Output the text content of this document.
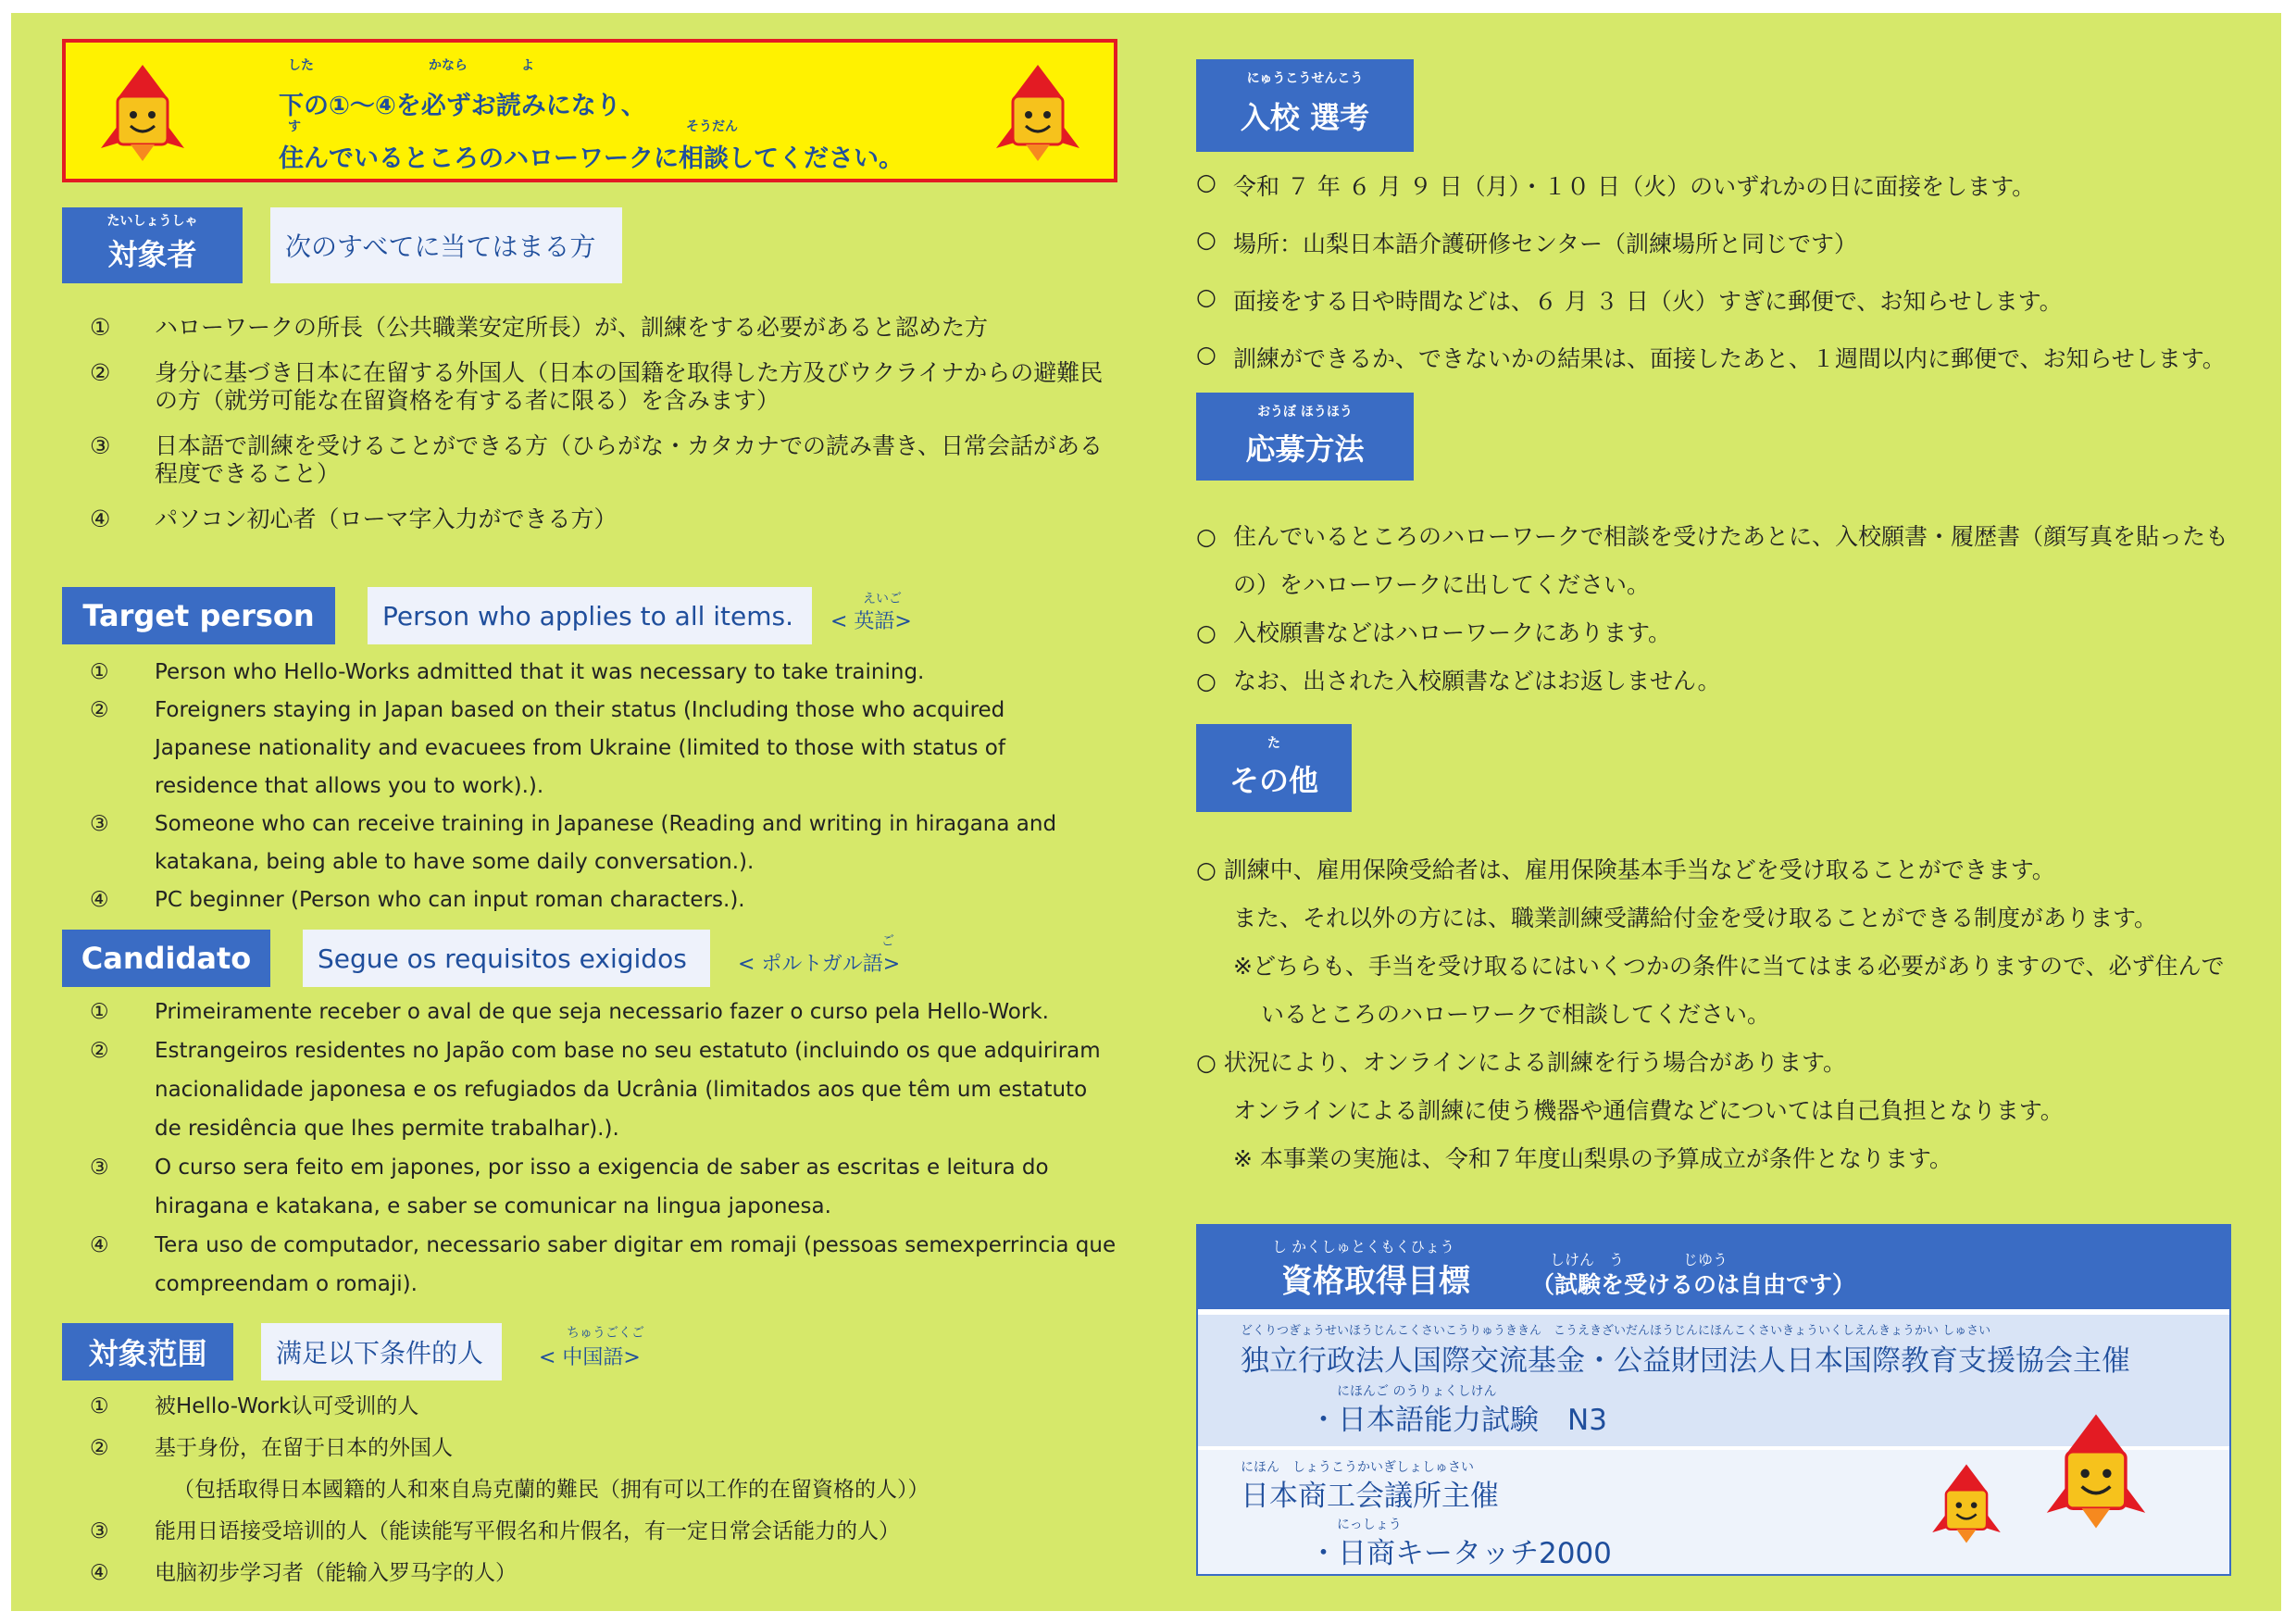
した	かなら	よ
下の①～④を必ずお読みになり、
す	そうだん
住んでいるところのハローワークに相談してください。
たいしょうしゃ
対象者	次のすべてに当てはまる方
① ハローワークの所長（公共職業安定所長）が、訓練をする必要があると認めた方
② 身分に基づき日本に在留する外国人（日本の国籍を取得した方及びウクライナからの避難民の方（就労可能な在留資格を有する者に限る）を含みます）
③ 日本語で訓練を受けることができる方（ひらがな・カタカナでの読み書き、日常会話がある程度できること）
④ パソコン初心者（ローマ字入力ができる方）
Target person	Person who applies to all items.
えいご
< 英語>
① Person who Hello-Works admitted that it was necessary to take training.
② Foreigners staying in Japan based on their status (Including those who acquired Japanese nationality and evacuees from Ukraine (limited to those with status of residence that allows you to work).).
③ Someone who can receive training in Japanese (Reading and writing in hiragana and katakana, being able to have some daily conversation.).
④ PC beginner (Person who can input roman characters.).
Candidato	Segue os requisitos exigidos
ご
< ポルトガル語>
① Primeiramente receber o aval de que seja necessario fazer o curso pela Hello-Work.
② Estrangeiros residentes no Japão com base no seu estatuto (incluindo os que adquiriram nacionalidade japonesa e os refugiados da Ucrânia (limitados aos que têm um estatuto de residência que lhes permite trabalhar).).
③ O curso sera feito em japones, por isso a exigencia de saber as escritas e leitura do hiragana e katakana, e saber se comunicar na lingua japonesa.
④ Tera uso de computador, necessario saber digitar em romaji (pessoas semexperrincia que compreendam o romaji).
対象范围	满足以下条件的人
ちゅうごくご
< 中国語>
① 被Hello-Work认可受训的人
② 基于身份，在留于日本的外国人
（包括取得日本國籍的人和來自烏克蘭的難民（拥有可以工作的在留資格的人））
③ 能用日语接受培训的人（能读能写平假名和片假名，有一定日常会话能力的人）
④ 电脑初步学习者（能输入罗马字的人）
にゅうこうせんこう
入校 選考
○ 令和 ７ 年 ６ 月 ９ 日（月）・１０ 日（火）のいずれかの日に面接をします。
○ 場所：山梨日本語介護研修センター（訓練場所と同じです）
○ 面接をする日や時間などは、６ 月 ３ 日（火）すぎに郵便で、お知らせします。
○ 訓練ができるか、できないかの結果は、面接したあと、１週間以内に郵便で、お知らせします。
おうぼ ほうほう
応募方法
○ 住んでいるところのハローワークで相談を受けたあとに、入校願書・履歴書（顔写真を貼ったもの）をハローワークに出してください。
○ 入校願書などはハローワークにあります。
○ なお、出された入校願書などはお返しません。
た
その他
○ 訓練中、雇用保険受給者は、雇用保険基本手当などを受け取ることができます。
また、それ以外の方には、職業訓練受講給付金を受け取ることができる制度があります。
※どちらも、手当を受け取るにはいくつかの条件に当てはまる必要がありますので、必ず住んで
いるところのハローワークで相談してください。
○ 状況により、オンラインによる訓練を行う場合があります。
オンラインによる訓練に使う機器や通信費などについては自己負担となります。
※ 本事業の実施は、令和７年度山梨県の予算成立が条件となります。
し かくしゅとくもくひょう
資格取得目標
しけん　う　　　　じゆう
（試験を受けるのは自由です）
どくりつぎょうせいほうじんこくさいこうりゅうききん　こうえきざいだんほうじんにほんこくさいきょういくしえんきょうかい しゅさい
独立行政法人国際交流基金・公益財団法人日本国際教育支援協会主催
にほんご のうりょくしけん
・日本語能力試験　N3
にほん　しょうこうかいぎしょしゅさい
日本商工会議所主催
にっしょう
・日商キータッチ2000
